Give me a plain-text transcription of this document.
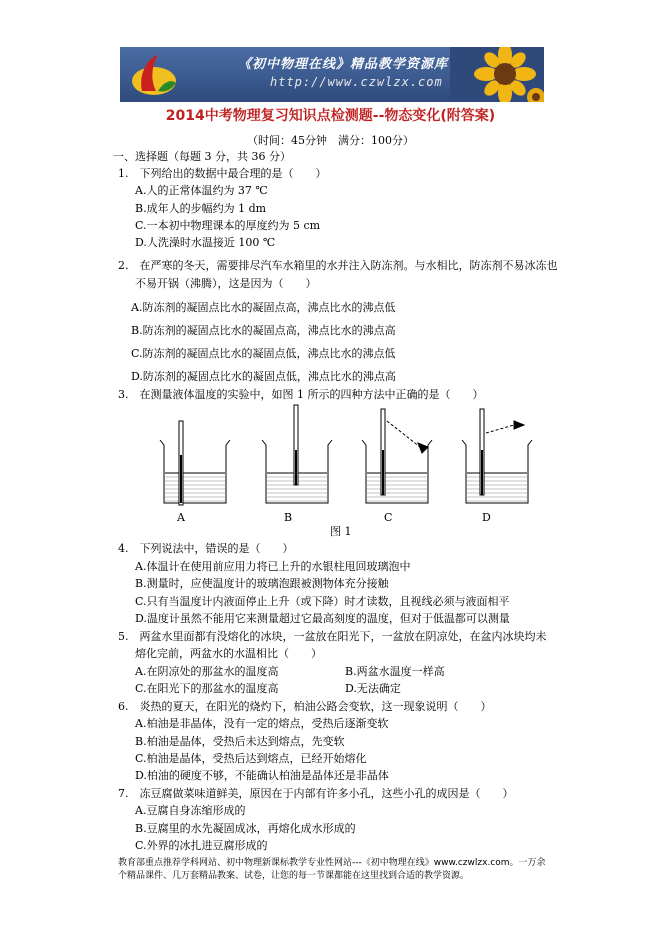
《初中物理在线》精品教学资源库
http://www.czwlzx.com
2014中考物理复习知识点检测题--物态变化(附答案)
（时间：45分钟　满分：100分）
一、选择题（每题 3 分，共 36 分）
1.　下列给出的数据中最合理的是（　　）
A.人的正常体温约为 37 ℃
B.成年人的步幅约为 1 dm
C.一本初中物理课本的厚度约为 5 cm
D.人洗澡时水温接近 100 ℃
2.　在严寒的冬天，需要排尽汽车水箱里的水并注入防冻剂。与水相比，防冻剂不易冰冻也
不易开锅（沸腾），这是因为（　　）
A.防冻剂的凝固点比水的凝固点高，沸点比水的沸点低
B.防冻剂的凝固点比水的凝固点高，沸点比水的沸点高
C.防冻剂的凝固点比水的凝固点低，沸点比水的沸点低
D.防冻剂的凝固点比水的凝固点低，沸点比水的沸点高
3.　在测量液体温度的实验中，如图 1 所示的四种方法中正确的是（　　）
A	B	C	D
图 1
4.　下列说法中，错误的是（　　）
A.体温计在使用前应用力将已上升的水银柱甩回玻璃泡中
B.测量时，应使温度计的玻璃泡跟被测物体充分接触
C.只有当温度计内液面停止上升（或下降）时才读数，且视线必须与液面相平
D.温度计虽然不能用它来测量超过它最高刻度的温度，但对于低温都可以测量
5.　两盆水里面都有没熔化的冰块，一盆放在阳光下，一盆放在阴凉处，在盆内冰块均未
熔化完前，两盆水的水温相比（　　）
A.在阴凉处的那盆水的温度高	B.两盆水温度一样高
C.在阳光下的那盆水的温度高	D.无法确定
6.　炎热的夏天，在阳光的烧灼下，柏油公路会变软，这一现象说明（　　）
A.柏油是非晶体，没有一定的熔点，受热后逐渐变软
B.柏油是晶体，受热后未达到熔点，先变软
C.柏油是晶体，受热后达到熔点，已经开始熔化
D.柏油的硬度不够，不能确认柏油是晶体还是非晶体
7.　冻豆腐做菜味道鲜美，原因在于内部有许多小孔，这些小孔的成因是（　　）
A.豆腐自身冻缩形成的
B.豆腐里的水先凝固成冰，再熔化成水形成的
C.外界的冰扎进豆腐形成的
教育部重点推荐学科网站、初中物理新课标教学专业性网站---《初中物理在线》www.czwlzx.com。一万余
个精品课件、几万套精品教案、试卷，让您的每一节课都能在这里找到合适的教学资源。
